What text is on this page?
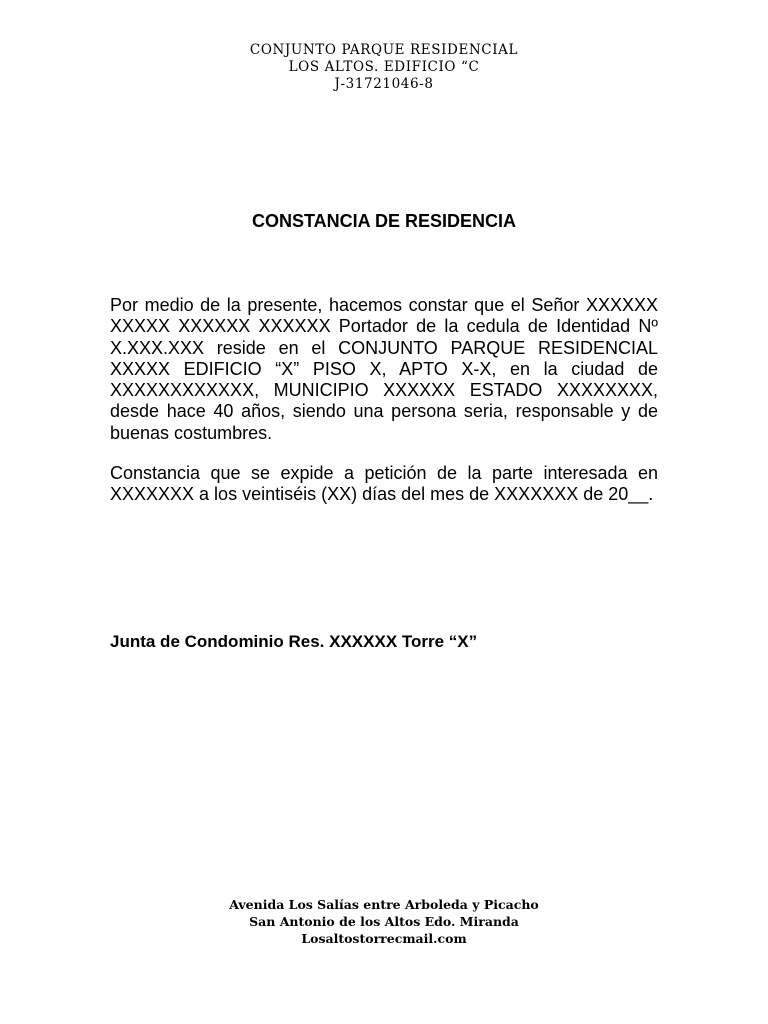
CONJUNTO PARQUE RESIDENCIAL
LOS ALTOS. EDIFICIO “C
J-31721046-8
CONSTANCIA DE RESIDENCIA
Por medio de la presente, hacemos constar que el Señor XXXXXX XXXXX XXXXXX XXXXXX Portador de la cedula de Identidad Nº X.XXX.XXX reside en el CONJUNTO PARQUE RESIDENCIAL XXXXX EDIFICIO “X” PISO X, APTO X-X, en la ciudad de XXXXXXXXXXXX, MUNICIPIO XXXXXX ESTADO XXXXXXXX, desde hace 40 años, siendo una persona seria, responsable y de buenas costumbres.
Constancia que se expide a petición de la parte interesada en XXXXXXX a los veintiséis (XX) días del mes de XXXXXXX de 20__.
Junta de Condominio Res. XXXXXX Torre “X”
Avenida Los Salías entre Arboleda y Picacho
San Antonio de los Altos Edo. Miranda
Losaltostorrecmail.com
